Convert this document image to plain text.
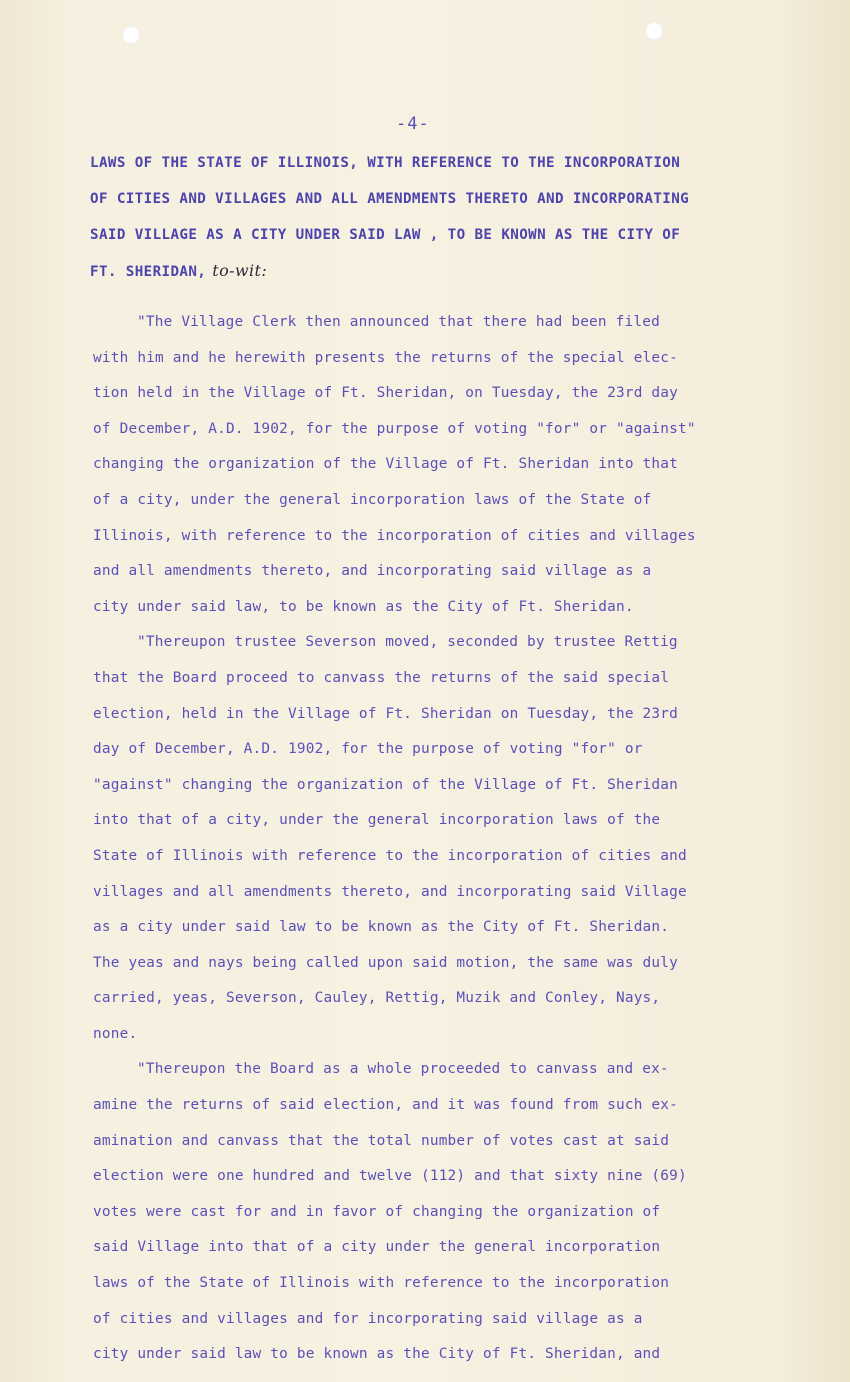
-4-
LAWS OF THE STATE OF ILLINOIS, WITH REFERENCE TO THE INCORPORATION
OF CITIES AND VILLAGES AND ALL AMENDMENTS THERETO AND INCORPORATING
SAID VILLAGE AS A CITY UNDER SAID LAW , TO BE KNOWN AS THE CITY OF
FT. SHERIDAN, to-wit:
"The Village Clerk then announced that there had been filed
with him and he herewith presents the returns of the special elec-
tion held in the Village of Ft. Sheridan, on Tuesday, the 23rd day
of December, A.D. 1902, for the purpose of voting "for" or "against"
changing the organization of the Village of Ft. Sheridan into that
of a city, under the general incorporation laws of the State of
Illinois, with reference to the incorporation of cities and villages
and all amendments thereto, and incorporating said village as a
city under said law, to be known as the City of Ft. Sheridan.
"Thereupon trustee Severson moved, seconded by trustee Rettig
that the Board proceed to canvass the returns of the said special
election, held in the Village of Ft. Sheridan on Tuesday, the 23rd
day of December, A.D. 1902, for the purpose of voting "for" or
"against" changing the organization of the Village of Ft. Sheridan
into that of a city, under the general incorporation laws of the
State of Illinois with reference to the incorporation of cities and
villages and all amendments thereto, and incorporating said Village
as a city under said law to be known as the City of Ft. Sheridan.
The yeas and nays being called upon said motion, the same was duly
carried, yeas, Severson, Cauley, Rettig, Muzik and Conley, Nays,
none.
"Thereupon the Board as a whole proceeded to canvass and ex-
amine the returns of said election, and it was found from such ex-
amination and canvass that the total number of votes cast at said
election were one hundred and twelve (112) and that sixty nine (69)
votes were cast for and in favor of changing the organization of
said Village into that of a city under the general incorporation
laws of the State of Illinois with reference to the incorporation
of cities and villages and for incorporating said village as a
city under said law to be known as the City of Ft. Sheridan, and
